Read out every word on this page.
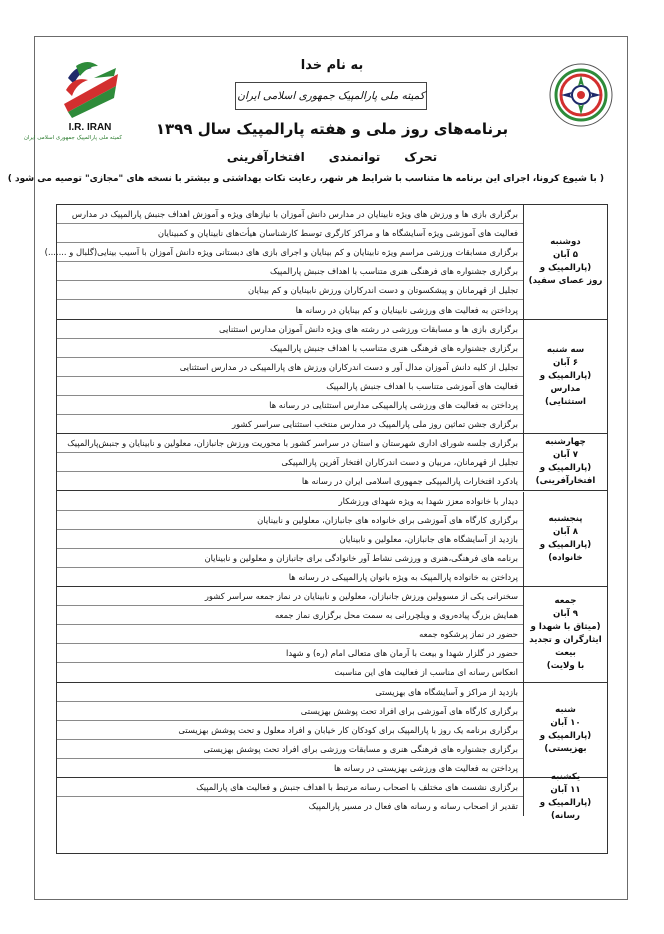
I.R. IRAN
کمیته ملی پارالمپیک جمهوری اسلامی ایران
به نام خدا
کمیته ملی پارالمپیک جمهوری اسلامی ایران
برنامه‌های روز ملی و هفته پارالمپیک سال ۱۳۹۹
تحرک
توانمندی
افتخارآفرینی
( با شیوع کرونا، اجرای این برنامه ها متناسب با شرایط هر شهر، رعایت نکات بهداشتی و بیشتر با نسخه های "مجازی" توصیه می شود )
برگزاری بازی ها و ورزش های ویژه نابینایان در مدارس دانش آموزان با نیازهای ویژه و آموزش اهداف جنبش پارالمپیک در مدارس
فعالیت های آموزشی ویژه آسایشگاه ها و مراکز کارگری توسط کارشناسان هیأت‌های نابینایان و کمبینایان
برگزاری مسابقات ورزشی مراسم ویژه نابینایان و کم بینایان و اجرای بازی های دبستانی ویژه دانش آموزان با آسیب بینایی(گلبال و .......)
برگزاری جشنواره های فرهنگی هنری متناسب با اهداف جنبش پارالمپیک
تجلیل از قهرمانان و پیشکسوتان و دست اندرکاران ورزش نابینایان و کم بینایان
پرداختن به فعالیت های ورزشی نابینایان و کم بینایان در رسانه ها
دوشنبه
۵ آبان
(پارالمپیک و
روز عصای سفید)
برگزاری بازی ها و مسابقات ورزشی در رشته های ویژه دانش آموزان مدارس استثنایی
برگزاری جشنواره های فرهنگی هنری متناسب با اهداف جنبش پارالمپیک
تجلیل از کلیه دانش آموزان مدال آور و دست اندرکاران ورزش های پارالمپیکی در مدارس استثنایی
فعالیت های آموزشی متناسب با اهداف جنبش پارالمپیک
پرداختن به فعالیت های ورزشی پارالمپیکی مدارس استثنایی در رسانه ها
برگزاری جشن تماثین روز ملی پارالمپیک در مدارس منتخب استثنایی سراسر کشور
سه شنبه
۶ آبان
(پارالمپیک و مدارس
استثنایی)
برگزاری جلسه شورای اداری شهرستان و استان در سراسر کشور با محوریت ورزش جانبازان، معلولین و نابینایان و جنبش‌پارالمپیک
تجلیل از قهرمانان، مربیان و دست اندرکاران افتخار آفرین پارالمپیکی
یادکرد افتخارات پارالمپیکی جمهوری اسلامی ایران در رسانه ها
چهارشنبه
۷ آبان
(پارالمپیک و
افتخارآفرینی)
دیدار با خانواده معزز شهدا به ویژه شهدای ورزشکار
برگزاری کارگاه های آموزشی برای خانواده های جانبازان، معلولین و نابینایان
بازدید از آسایشگاه های جانبازان، معلولین و نابینایان
برنامه های فرهنگی،هنری و ورزشی نشاط آور خانوادگی برای جانبازان و معلولین و نابینایان
پرداختن به خانواده پارالمپیک به ویژه بانوان پارالمپیکی در رسانه ها
پنجشنبه
۸ آبان
(پارالمپیک و خانواده)
سخنرانی یکی از مسوولین ورزش جانبازان، معلولین و نابینایان در نماز جمعه سراسر کشور
همایش بزرگ پیاده‌روی و ویلچررانی به سمت محل برگزاری نماز جمعه
حضور در نماز پرشکوه جمعه
حضور در گلزار شهدا و بیعت با آرمان های متعالی امام (ره) و شهدا
انعکاس رسانه ای مناسب از فعالیت های این مناسبت
جمعه
۹ آبان
(میثاق با شهدا و
ایثارگران و تجدید بیعت
با ولایت)
بازدید از مراکز و آسایشگاه های بهزیستی
برگزاری کارگاه های آموزشی برای افراد تحت پوشش بهزیستی
برگزاری برنامه یک روز با پارالمپیک برای کودکان کار خیابان و افراد معلول و تحت پوشش بهزیستی
برگزاری جشنواره های فرهنگی هنری و مسابقات ورزشی برای افراد تحت پوشش بهزیستی
پرداختن به فعالیت های ورزشی بهزیستی در رسانه ها
شنبه
۱۰ آبان
(پارالمپیک و بهزیستی)
برگزاری نشست های مختلف با اصحاب رسانه مرتبط با اهداف جنبش و فعالیت های پارالمپیک
تقدیر از اصحاب رسانه و رسانه های فعال در مسیر پارالمپیک
یکشنبه
۱۱ آبان
(پارالمپیک و رسانه)
